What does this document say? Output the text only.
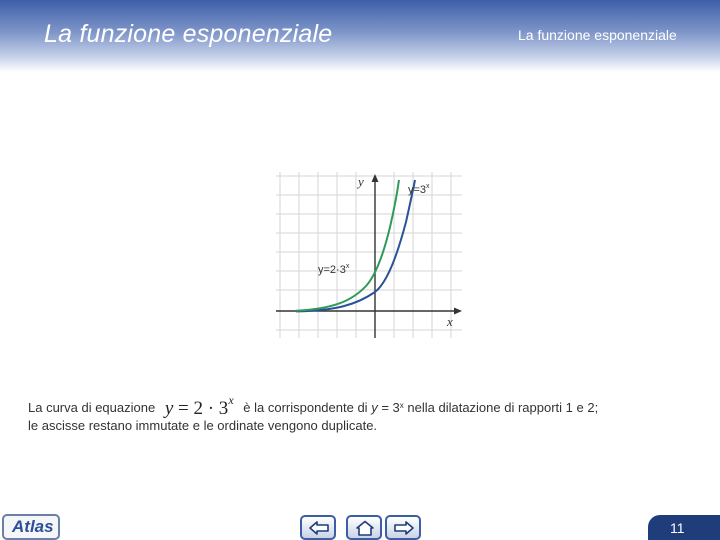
La funzione esponenziale	La funzione esponenziale
y
x
$y=3^x$
$y=2\cdot 3^x$
La curva di equazione $y = 2 \cdot 3^x$ è la corrispondente di $y = 3^x$ nella dilatazione di rapporti 1 e 2;
le ascisse restano immutate e le ordinate vengono duplicate.
Atlas	11
